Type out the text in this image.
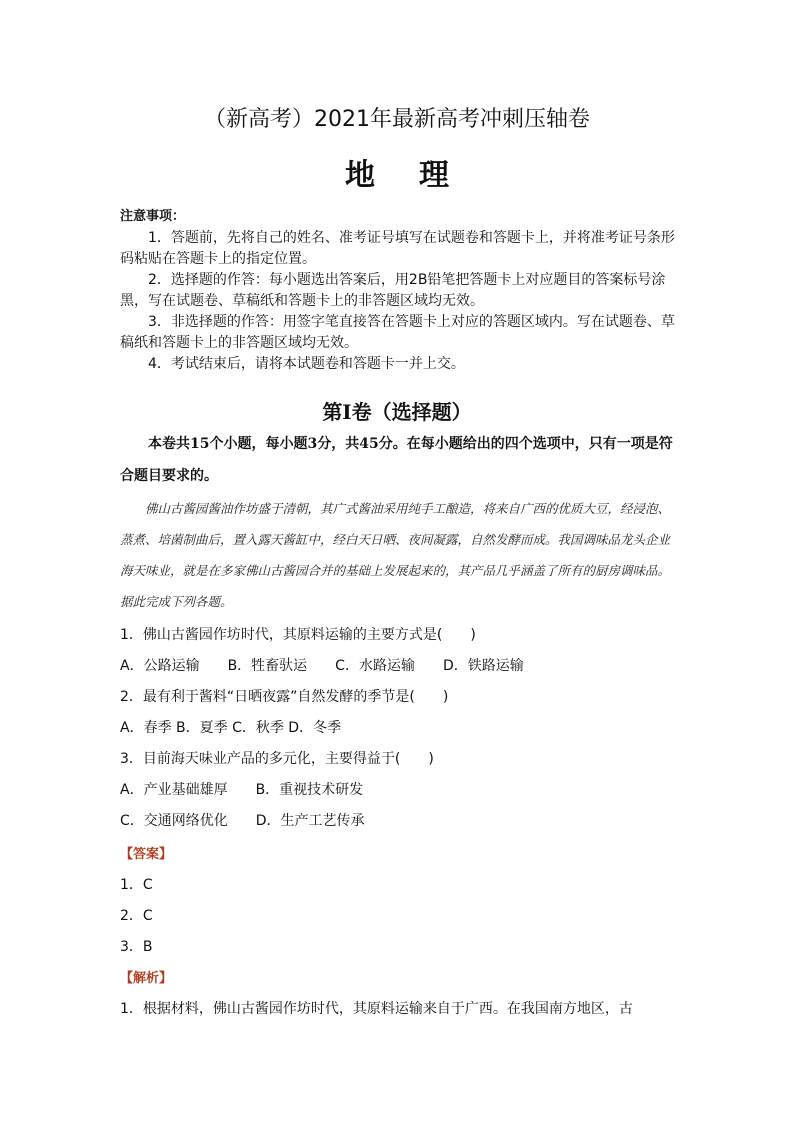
（新高考）2021年最新高考冲刺压轴卷
地理
注意事项：
1．答题前，先将自己的姓名、准考证号填写在试题卷和答题卡上，并将准考证号条形码粘贴在答题卡上的指定位置。
2．选择题的作答：每小题选出答案后，用2B铅笔把答题卡上对应题目的答案标号涂黑，写在试题卷、草稿纸和答题卡上的非答题区域均无效。
3．非选择题的作答：用签字笔直接答在答题卡上对应的答题区域内。写在试题卷、草稿纸和答题卡上的非答题区域均无效。
4．考试结束后，请将本试题卷和答题卡一并上交。
第Ⅰ卷（选择题）
本卷共15个小题，每小题3分，共45分。在每小题给出的四个选项中，只有一项是符合题目要求的。
佛山古酱园酱油作坊盛于清朝，其广式酱油采用纯手工酿造，将来自广西的优质大豆，经浸泡、蒸煮、培菌制曲后，置入露天酱缸中，经白天日晒、夜间凝露，自然发酵而成。我国调味品龙头企业海天味业，就是在多家佛山古酱园合并的基础上发展起来的，其产品几乎涵盖了所有的厨房调味品。据此完成下列各题。
1．佛山古酱园作坊时代，其原料运输的主要方式是(　　)
A．公路运输　　B．牲畜驮运　　C．水路运输　　D．铁路运输
2．最有利于酱料“日晒夜露”自然发酵的季节是(　　)
A．春季 B．夏季 C．秋季 D．冬季
3．目前海天味业产品的多元化，主要得益于(　　)
A．产业基础雄厚　　B．重视技术研发
C．交通网络优化　　D．生产工艺传承
【答案】
1．C
2．C
3．B
【解析】
1．根据材料，佛山古酱园作坊时代，其原料运输来自于广西。在我国南方地区，古
